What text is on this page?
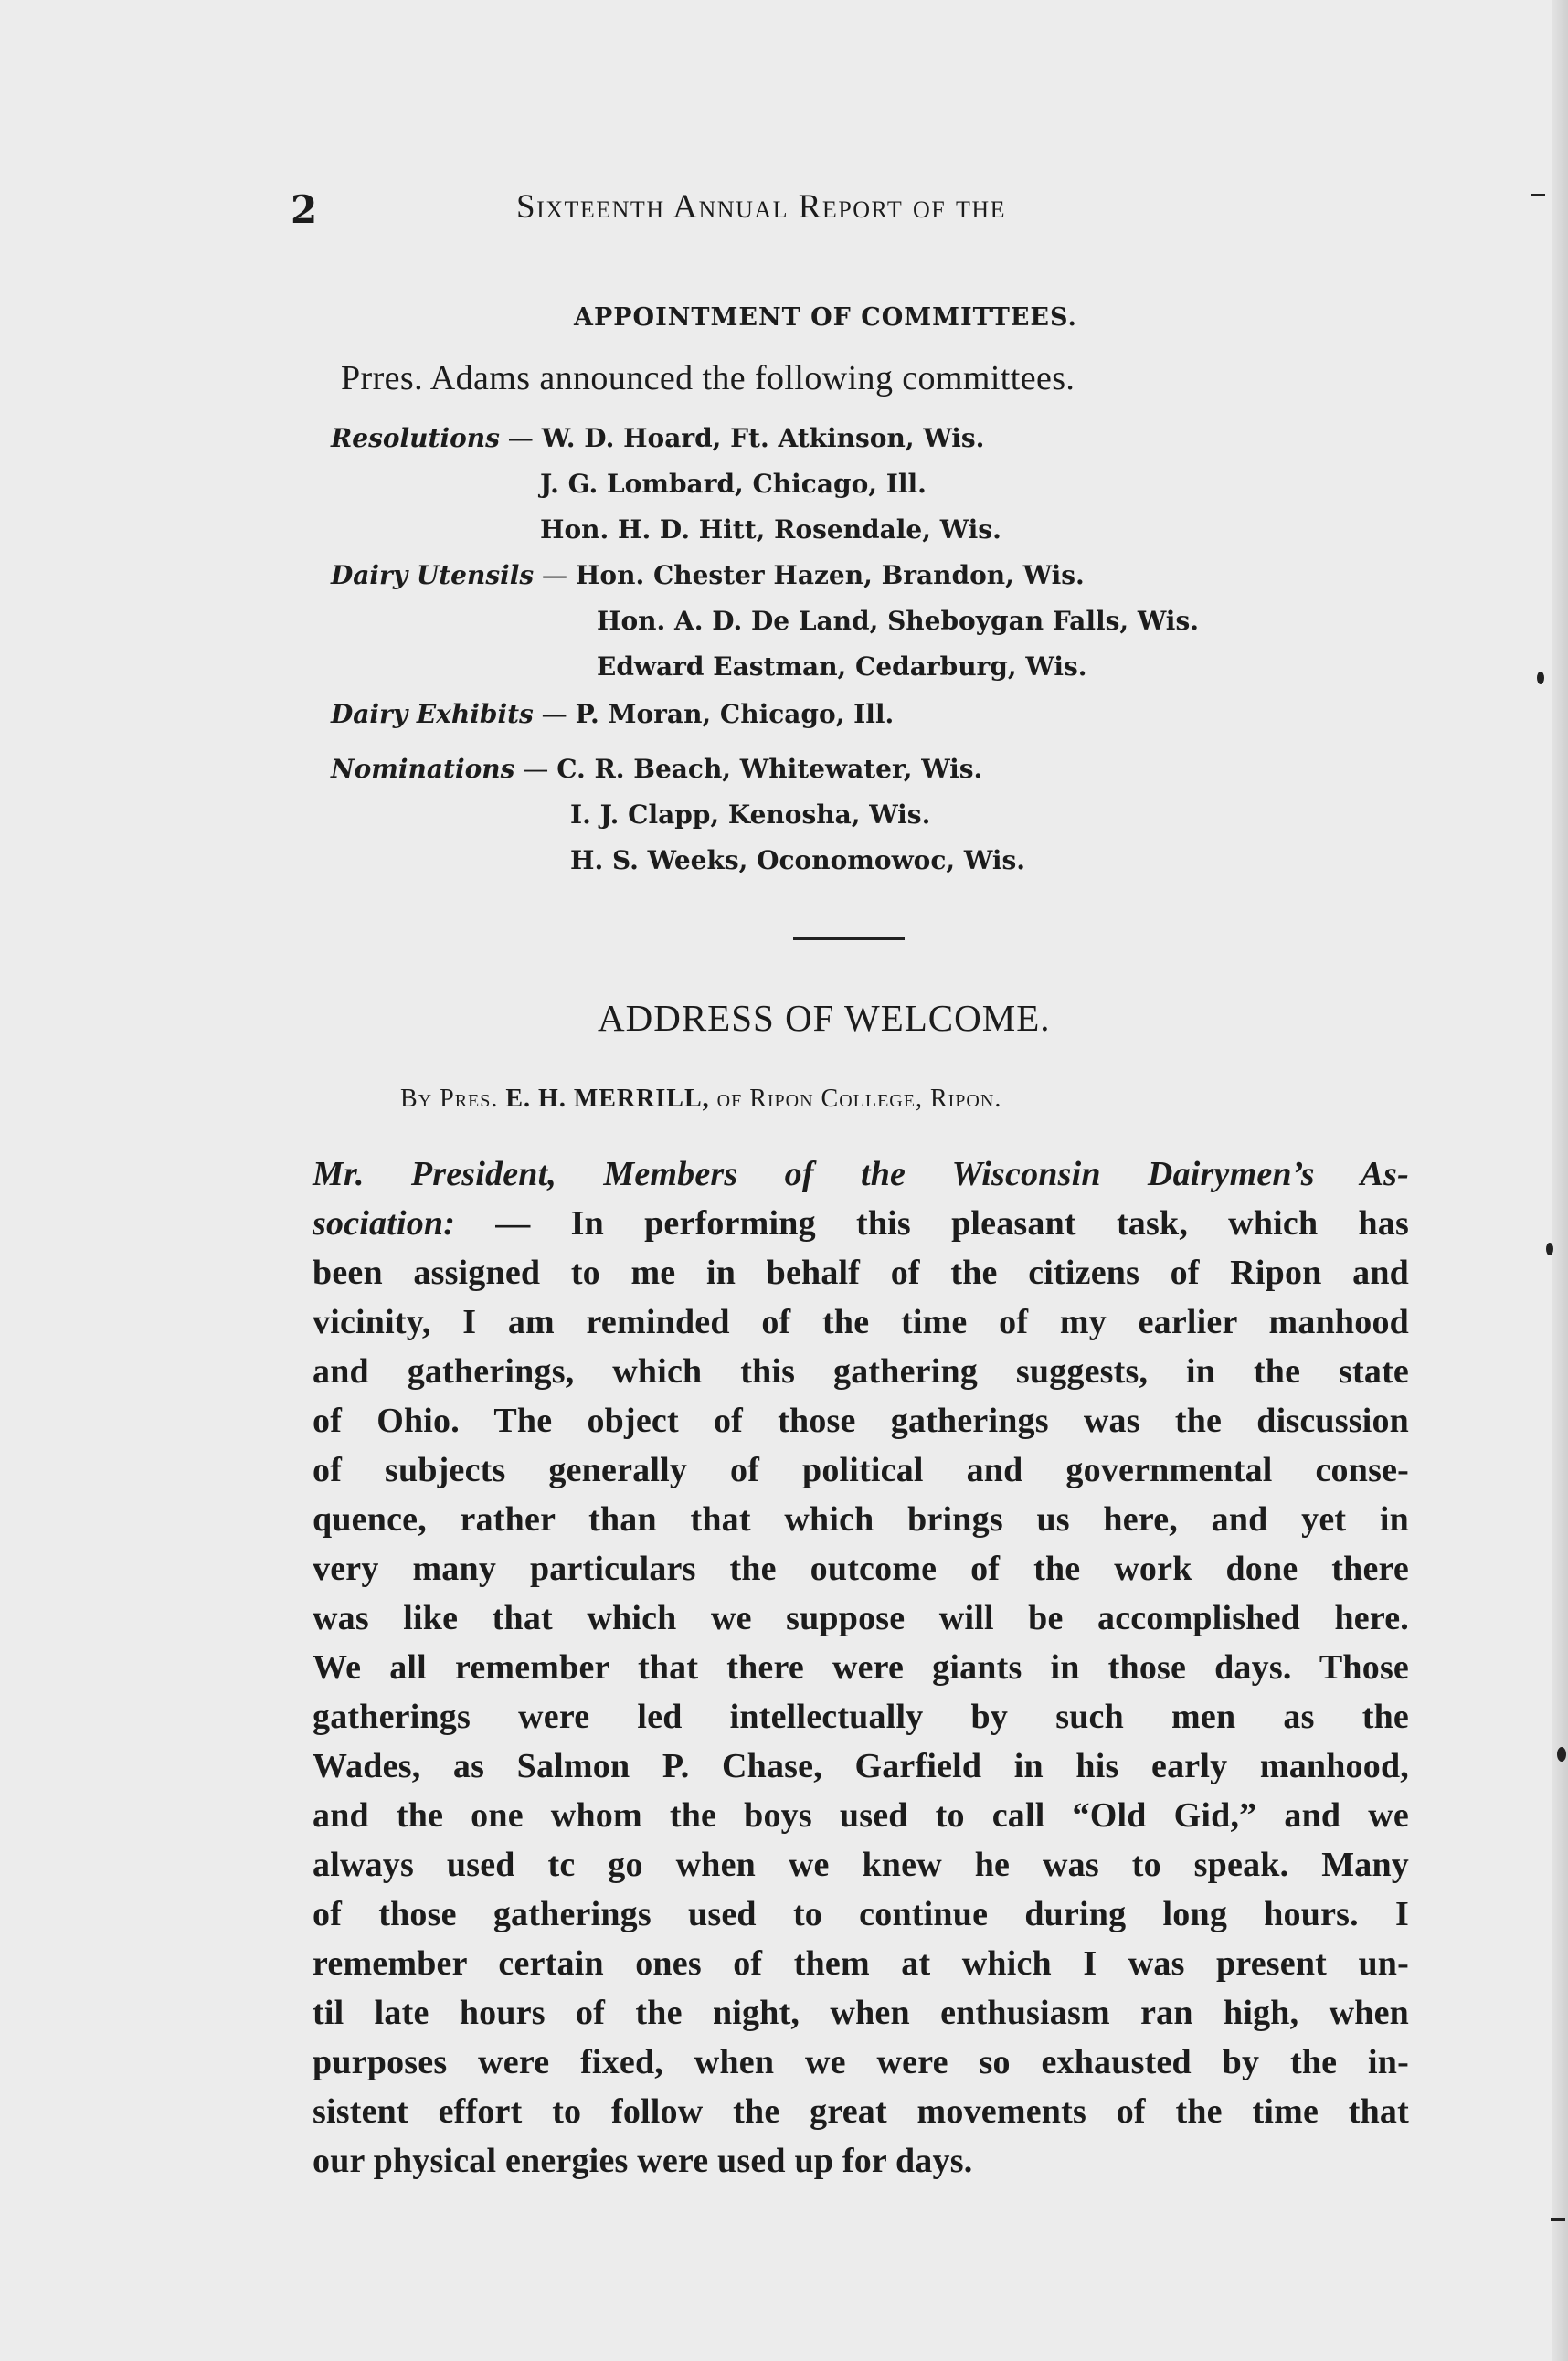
2	Sixteenth Annual Report of the
APPOINTMENT OF COMMITTEES.
Prres. Adams announced the following committees.
Resolutions — W. D. Hoard, Ft. Atkinson, Wis.
J. G. Lombard, Chicago, Ill.
Hon. H. D. Hitt, Rosendale, Wis.
Dairy Utensils — Hon. Chester Hazen, Brandon, Wis.
Hon. A. D. De Land, Sheboygan Falls, Wis.
Edward Eastman, Cedarburg, Wis.
Dairy Exhibits — P. Moran, Chicago, Ill.
Nominations — C. R. Beach, Whitewater, Wis.
I. J. Clapp, Kenosha, Wis.
H. S. Weeks, Oconomowoc, Wis.
ADDRESS OF WELCOME.
By Pres. E. H. MERRILL, of Ripon College, Ripon.
Mr. President, Members of the Wisconsin Dairymen’s As-
sociation: — In performing this pleasant task, which has
been assigned to me in behalf of the citizens of Ripon and
vicinity, I am reminded of the time of my earlier manhood
and gatherings, which this gathering suggests, in the state
of Ohio. The object of those gatherings was the discussion
of subjects generally of political and governmental conse-
quence, rather than that which brings us here, and yet in
very many particulars the outcome of the work done there
was like that which we suppose will be accomplished here.
We all remember that there were giants in those days. Those
gatherings were led intellectually by such men as the
Wades, as Salmon P. Chase, Garfield in his early manhood,
and the one whom the boys used to call “Old Gid,” and we
always used tc go when we knew he was to speak. Many
of those gatherings used to continue during long hours. I
remember certain ones of them at which I was present un-
til late hours of the night, when enthusiasm ran high, when
purposes were fixed, when we were so exhausted by the in-
sistent effort to follow the great movements of the time that
our physical energies were used up for days.
